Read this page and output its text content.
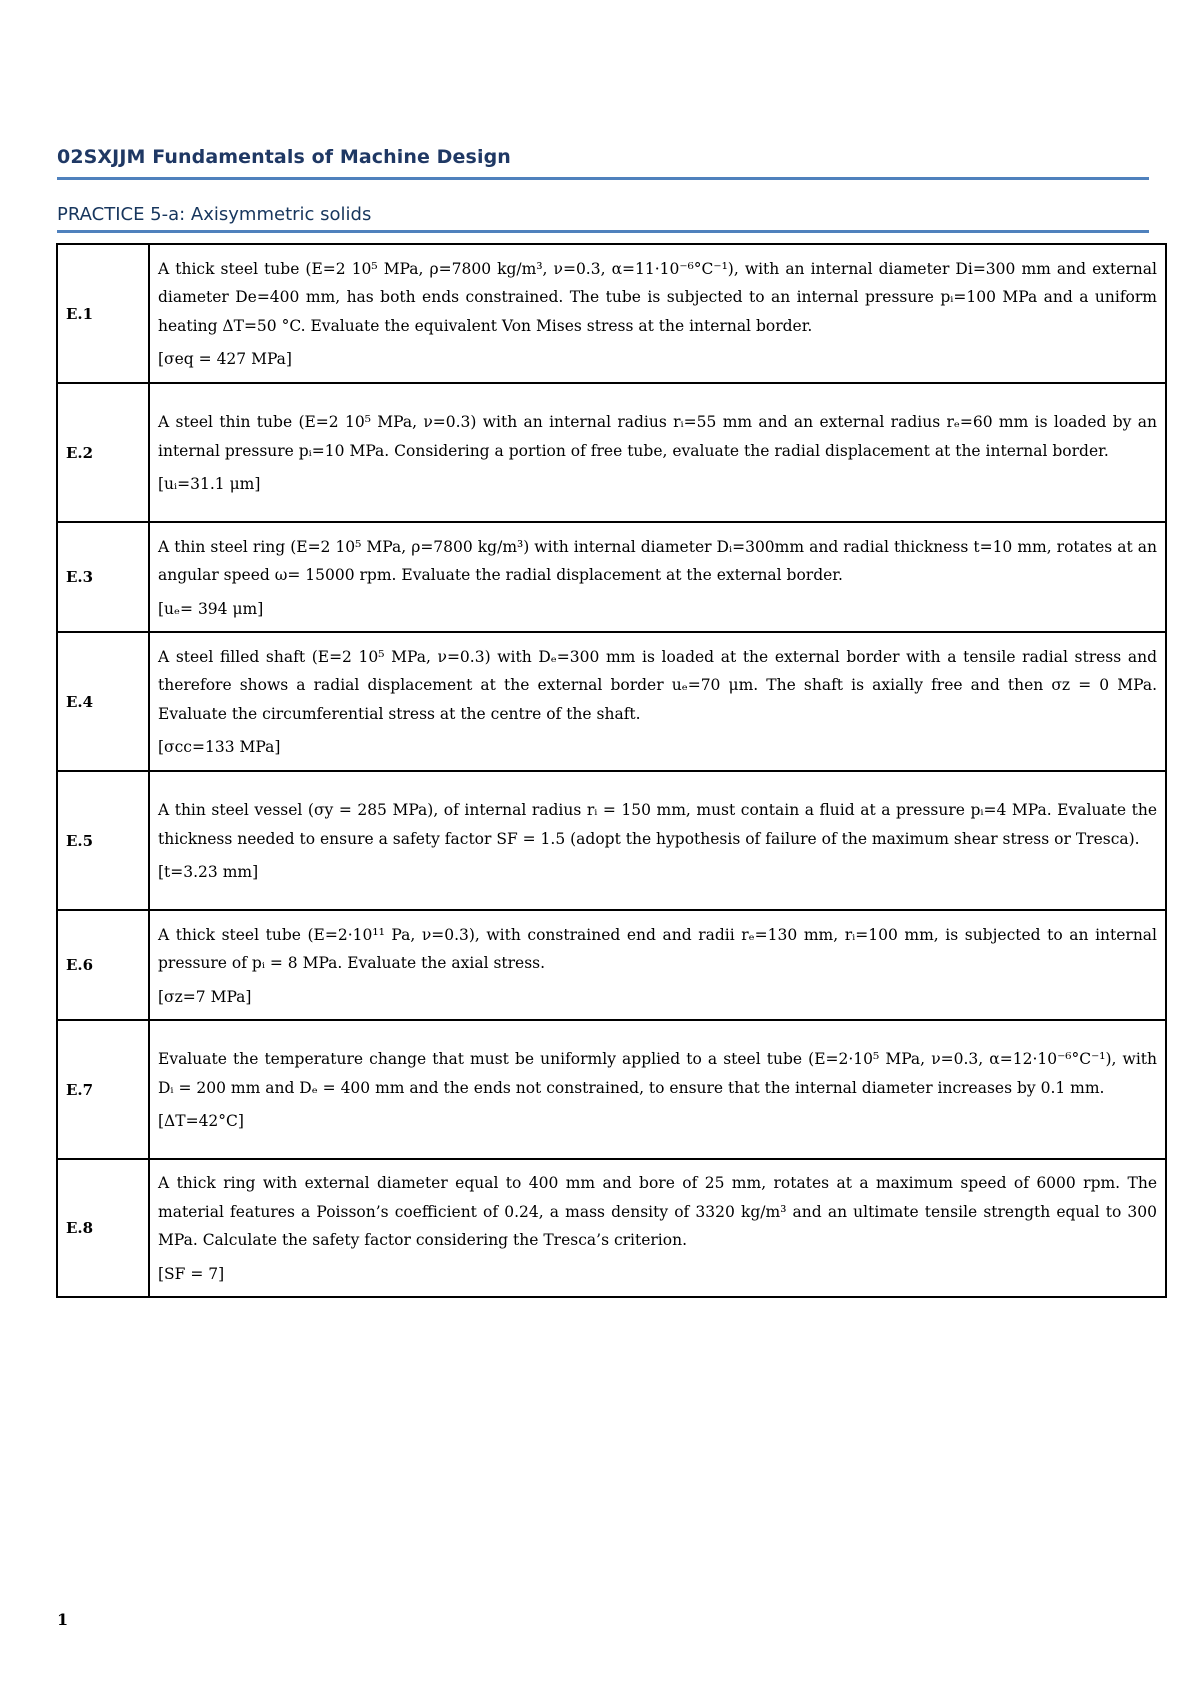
02SXJJM Fundamentals of Machine Design
PRACTICE 5-a: Axisymmetric solids
E.1	A thick steel tube (E=2 10⁵ MPa, ρ=7800 kg/m³, ν=0.3, α=11·10⁻⁶°C⁻¹), with an internal diameter Di=300 mm and external diameter De=400 mm, has both ends constrained. The tube is subjected to an internal pressure pᵢ=100 MPa and a uniform heating ΔT=50 °C. Evaluate the equivalent Von Mises stress at the internal border.
[σeq = 427 MPa]

E.2	A steel thin tube (E=2 10⁵ MPa, ν=0.3) with an internal radius rᵢ=55 mm and an external radius rₑ=60 mm is loaded by an internal pressure pᵢ=10 MPa. Considering a portion of free tube, evaluate the radial displacement at the internal border.
[uᵢ=31.1 μm]

E.3	A thin steel ring (E=2 10⁵ MPa, ρ=7800 kg/m³) with internal diameter Dᵢ=300mm and radial thickness t=10 mm, rotates at an angular speed ω= 15000 rpm. Evaluate the radial displacement at the external border.
[uₑ= 394 μm]

E.4	A steel filled shaft (E=2 10⁵ MPa, ν=0.3) with Dₑ=300 mm is loaded at the external border with a tensile radial stress and therefore shows a radial displacement at the external border uₑ=70 μm. The shaft is axially free and then σz = 0 MPa. Evaluate the circumferential stress at the centre of the shaft.
[σcc=133 MPa]

E.5	A thin steel vessel (σy = 285 MPa), of internal radius rᵢ = 150 mm, must contain a fluid at a pressure pᵢ=4 MPa. Evaluate the thickness needed to ensure a safety factor SF = 1.5 (adopt the hypothesis of failure of the maximum shear stress or Tresca).
[t=3.23 mm]

E.6	A thick steel tube (E=2·10¹¹ Pa, ν=0.3), with constrained end and radii rₑ=130 mm, rᵢ=100 mm, is subjected to an internal pressure of pᵢ = 8 MPa. Evaluate the axial stress.
[σz=7 MPa]

E.7	Evaluate the temperature change that must be uniformly applied to a steel tube (E=2·10⁵ MPa, ν=0.3, α=12·10⁻⁶°C⁻¹), with Dᵢ = 200 mm and Dₑ = 400 mm and the ends not constrained, to ensure that the internal diameter increases by 0.1 mm.
[ΔT=42°C]

E.8	A thick ring with external diameter equal to 400 mm and bore of 25 mm, rotates at a maximum speed of 6000 rpm. The material features a Poisson’s coefficient of 0.24, a mass density of 3320 kg/m³ and an ultimate tensile strength equal to 300 MPa. Calculate the safety factor considering the Tresca’s criterion.
[SF = 7]
1
